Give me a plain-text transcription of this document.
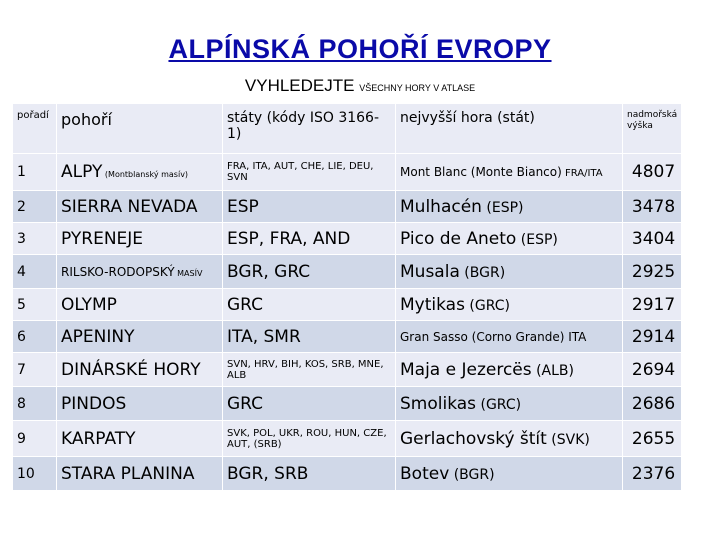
ALPÍNSKÁ POHOŘÍ EVROPY
VYHLEDEJTE VŠECHNY HORY V ATLASE
pořadí	pohoří	státy (kódy ISO 3166-1)	nejvyšší hora (stát)	nadmořská výška
1	ALPY (Montblanský masív)	FRA, ITA, AUT, CHE, LIE, DEU, SVN	Mont Blanc (Monte Bianco) FRA/ITA	4807
2	SIERRA NEVADA	ESP	Mulhacén (ESP)	3478
3	PYRENEJE	ESP, FRA, AND	Pico de Aneto (ESP)	3404
4	RILSKO-RODOPSKÝ MASÍV	BGR, GRC	Musala (BGR)	2925
5	OLYMP	GRC	Mytikas (GRC)	2917
6	APENINY	ITA, SMR	Gran Sasso (Corno Grande) ITA	2914
7	DINÁRSKÉ HORY	SVN, HRV, BIH, KOS, SRB, MNE, ALB	Maja e Jezercës (ALB)	2694
8	PINDOS	GRC	Smolikas (GRC)	2686
9	KARPATY	SVK, POL, UKR, ROU, HUN, CZE, AUT, (SRB)	Gerlachovský štít (SVK)	2655
10	STARA PLANINA	BGR, SRB	Botev (BGR)	2376
